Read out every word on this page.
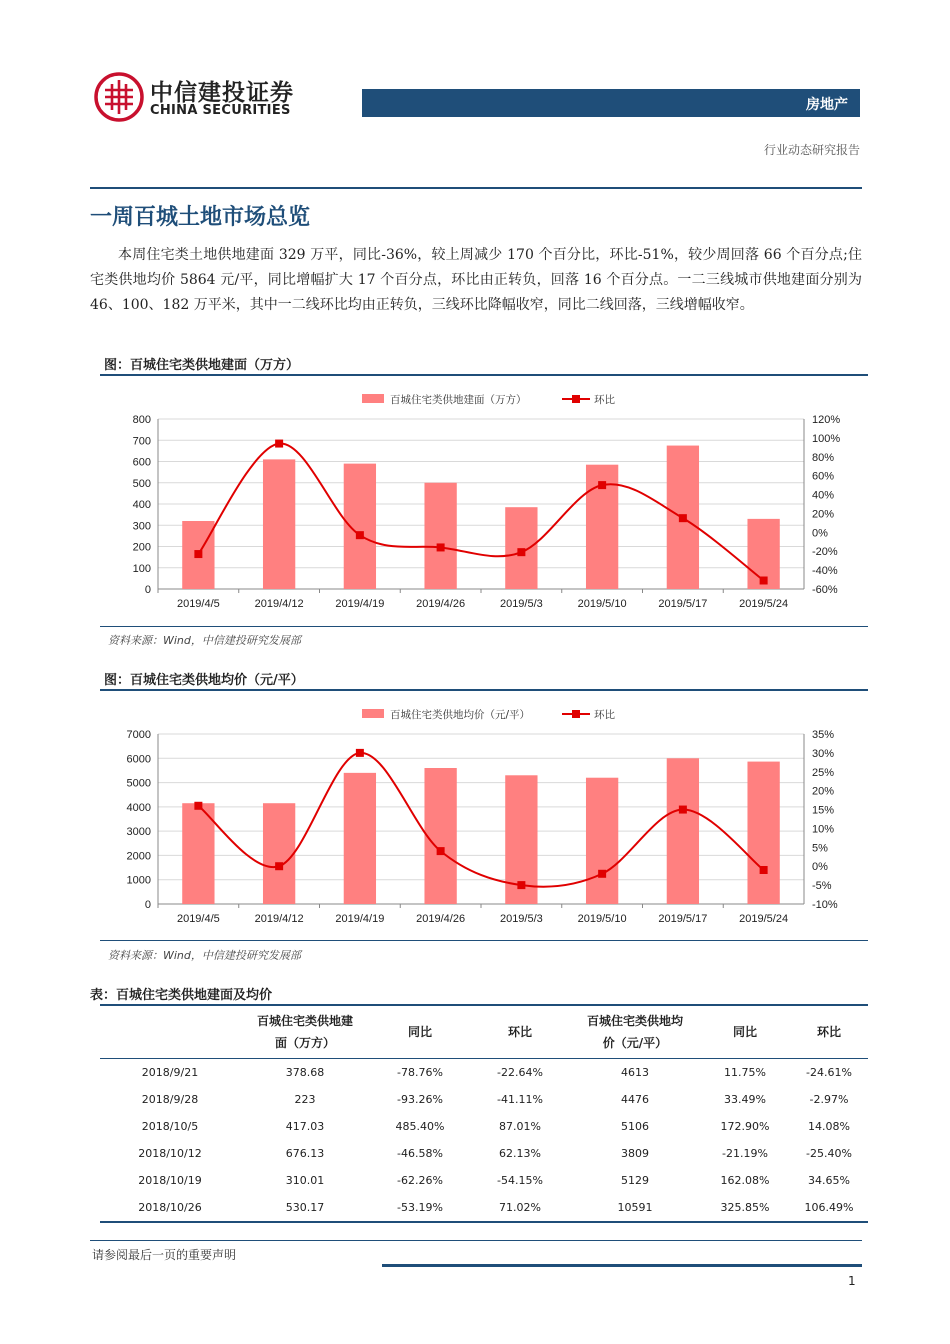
中信建投证券
CHINA SECURITIES	房地产
行业动态研究报告
一周百城土地市场总览
本周住宅类土地供地建面 329 万平，同比-36%，较上周减少 170 个百分比，环比-51%，较少周回落 66 个百分点;住宅类供地均价 5864 元/平，同比增幅扩大 17 个百分点，环比由正转负，回落 16 个百分点。一二三线城市供地建面分别为 46、100、182 万平米，其中一二线环比均由正转负，三线环比降幅收窄，同比二线回落，三线增幅收窄。
图：百城住宅类供地建面（万方）
0
100
200
300
400
500
600
700
800
-60%
-40%
-20%
0%
20%
40%
60%
80%
100%
120%
2019/4/5	2019/4/12	2019/4/19	2019/4/26	2019/5/3	2019/5/10	2019/5/17	2019/5/24
百城住宅类供地建面（万方）	环比
资料来源：Wind，中信建投研究发展部
图：百城住宅类供地均价（元/平）
0
1000
2000
3000
4000
5000
6000
7000
-10%
-5%
0%
5%
10%
15%
20%
25%
30%
35%
2019/4/5	2019/4/12	2019/4/19	2019/4/26	2019/5/3	2019/5/10	2019/5/17	2019/5/24
百城住宅类供地均价（元/平）	环比
资料来源：Wind，中信建投研究发展部
表：百城住宅类供地建面及均价
	百城住宅类供地建
面（万方）	同比	环比	百城住宅类供地均
价（元/平）	同比	环比
2018/9/21	378.68	-78.76%	-22.64%	4613	11.75%	-24.61%
2018/9/28	223	-93.26%	-41.11%	4476	33.49%	-2.97%
2018/10/5	417.03	485.40%	87.01%	5106	172.90%	14.08%
2018/10/12	676.13	-46.58%	62.13%	3809	-21.19%	-25.40%
2018/10/19	310.01	-62.26%	-54.15%	5129	162.08%	34.65%
2018/10/26	530.17	-53.19%	71.02%	10591	325.85%	106.49%
请参阅最后一页的重要声明
1
